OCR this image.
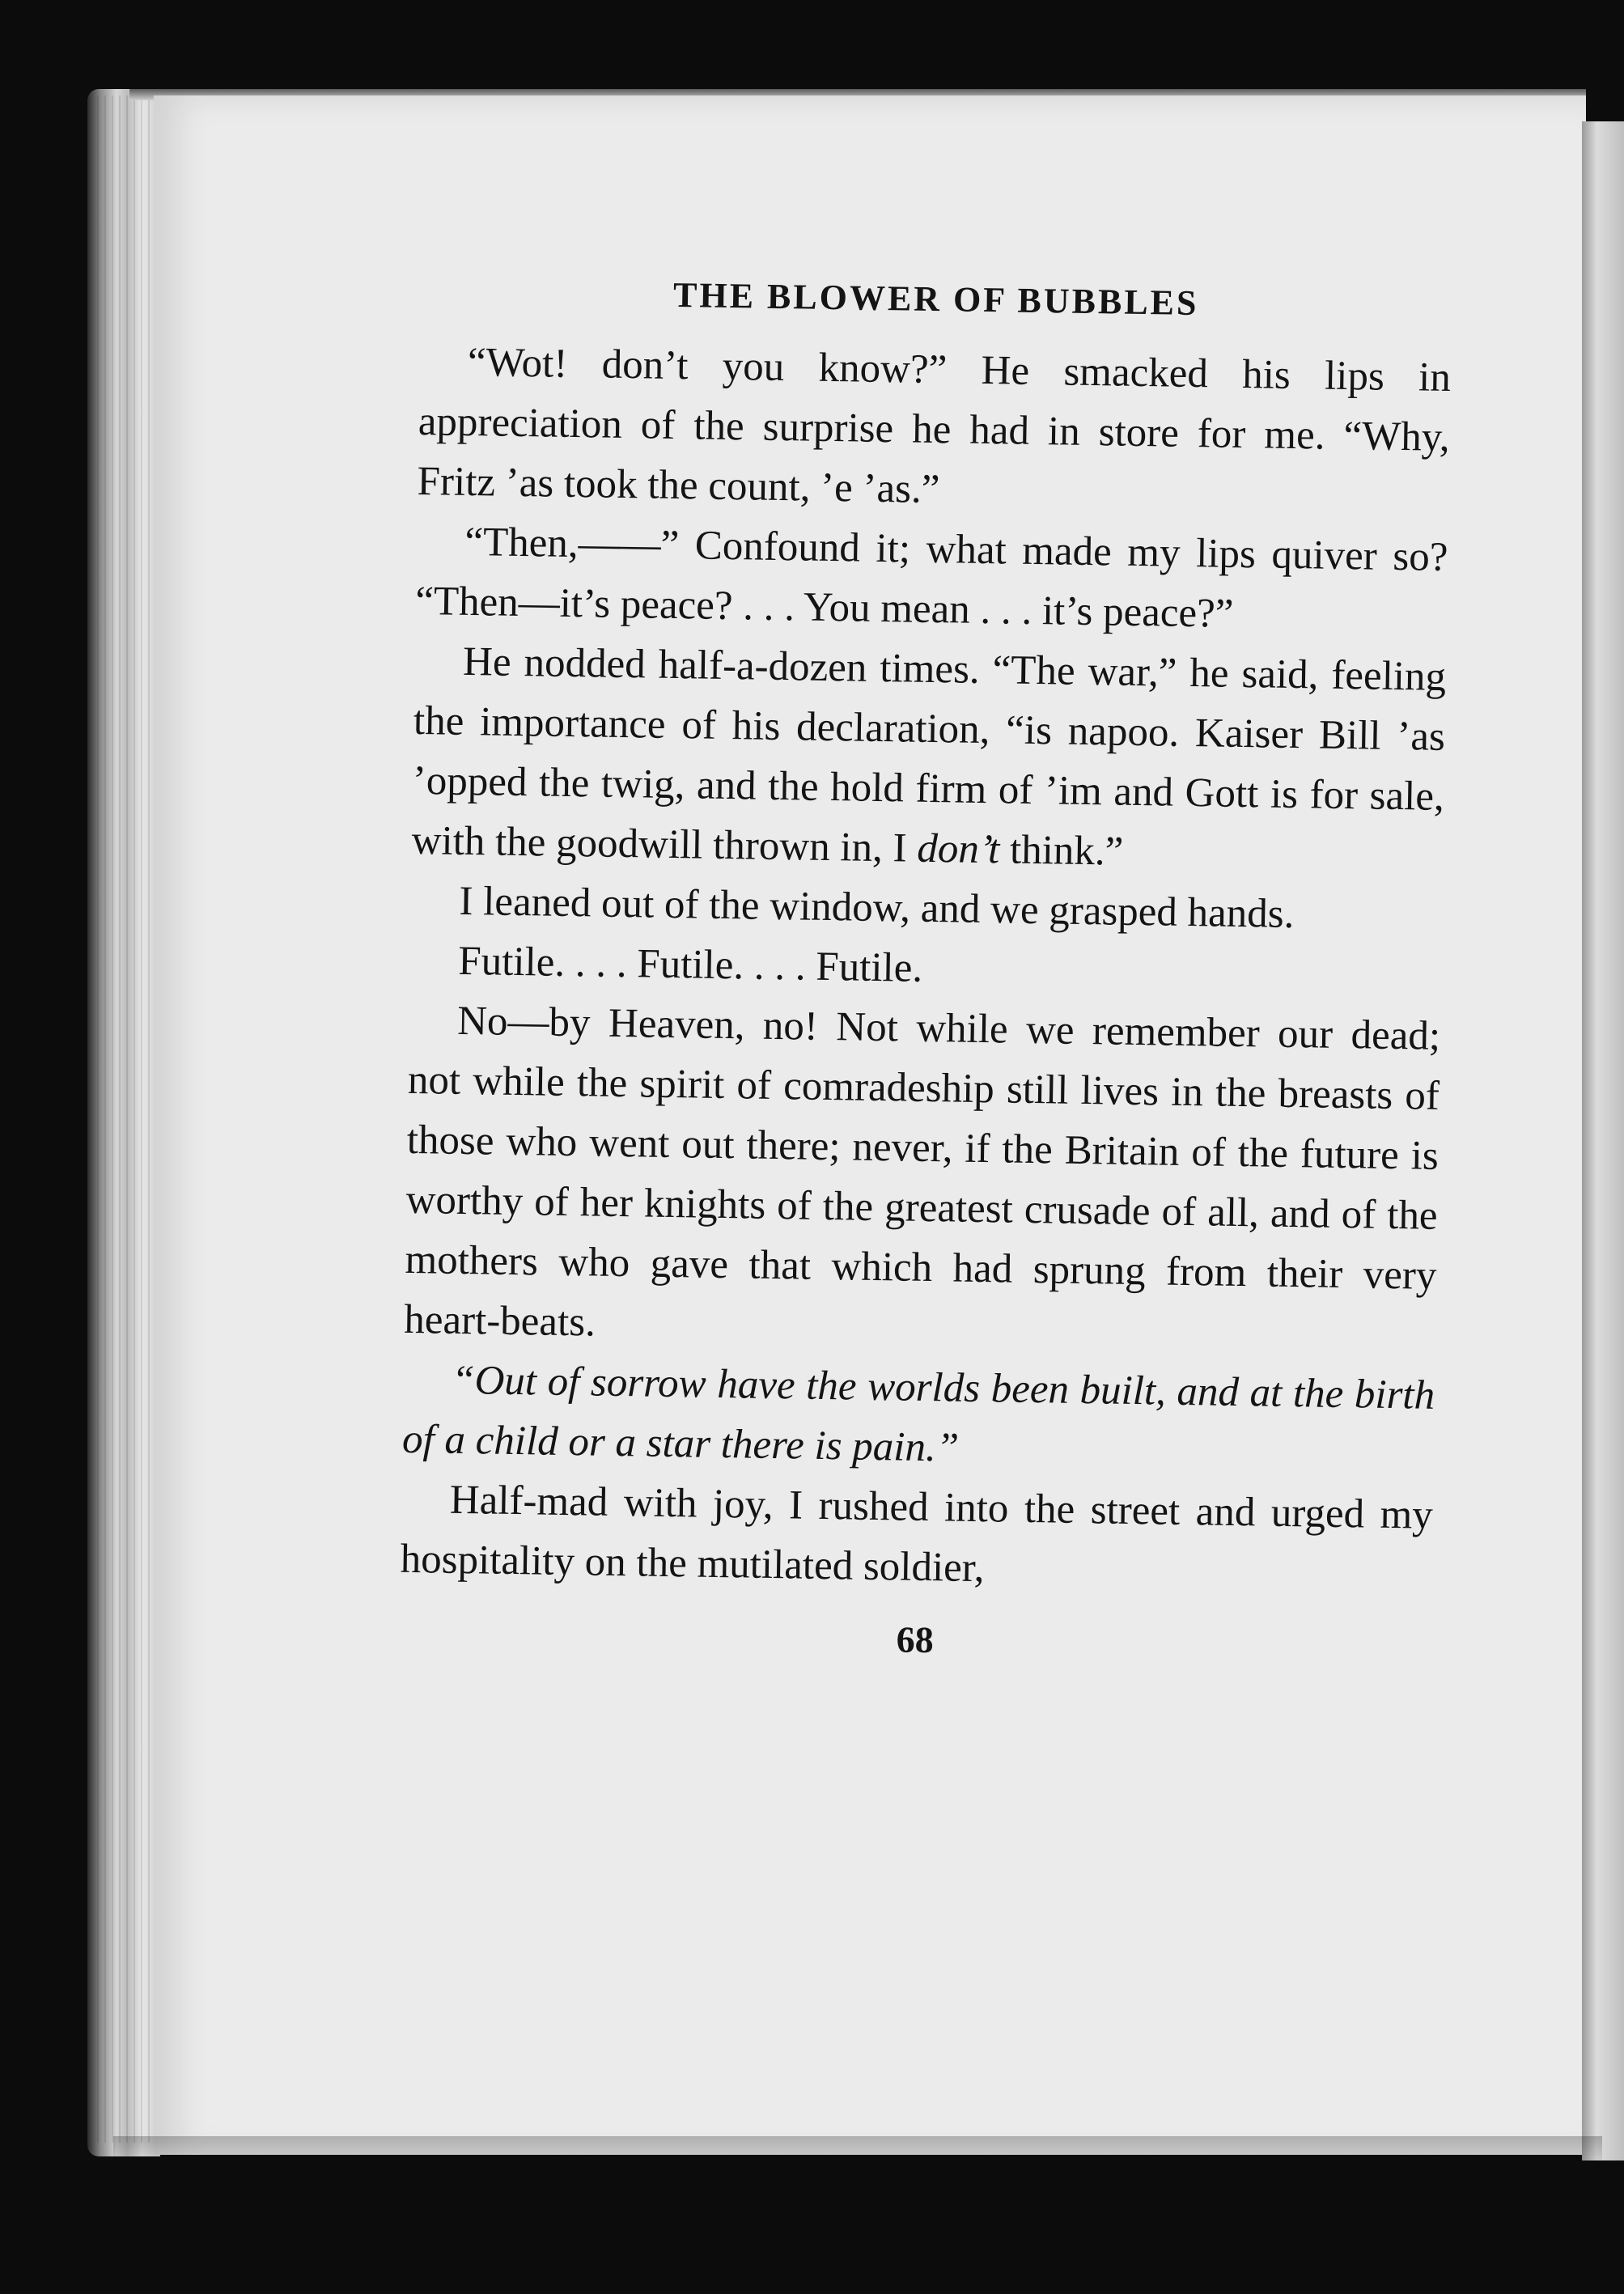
THE BLOWER OF BUBBLES

“Wot! don’t you know?” He smacked his lips in appreciation of the surprise he had in store for me. “Why, Fritz ’as took the count, ’e ’as.”

“Then,——” Confound it; what made my lips quiver so? “Then—it’s peace? . . . You mean . . . it’s peace?”

He nodded half-a-dozen times. “The war,” he said, feeling the importance of his declaration, “is napoo. Kaiser Bill ’as ’opped the twig, and the hold firm of ’im and Gott is for sale, with the goodwill thrown in, I don’t think.”

I leaned out of the window, and we grasped hands.

Futile. . . . Futile. . . . Futile.

No—by Heaven, no! Not while we remember our dead; not while the spirit of comradeship still lives in the breasts of those who went out there; never, if the Britain of the future is worthy of her knights of the greatest crusade of all, and of the mothers who gave that which had sprung from their very heart-beats.

“Out of sorrow have the worlds been built, and at the birth of a child or a star there is pain.”

Half-mad with joy, I rushed into the street and urged my hospitality on the mutilated soldier,

68
